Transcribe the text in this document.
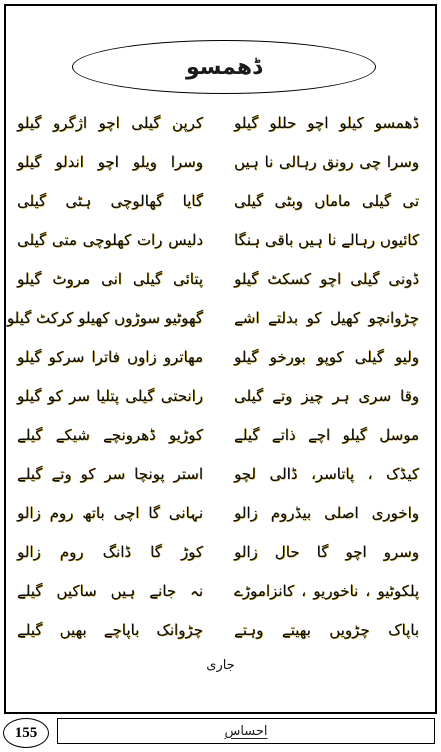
ڈھمسو
ڈھمسو کیلو اچو حللو گیلو
کرپن گیلی اچو اژگرو گیلو
وسرا چی رونق رہالی نا ہیں
وسرا ویلو اچو اندلو گیلو
تی گیلی ماماں وبٹی گیلی
گایا گھالوچی ہٹی گیلی
کائیوں رہالے نا ہیں باقی ہنگا
دلیس رات کھلوچی متی گیلی
ڈونی گیلی اچو کسکٹ گیلو
پتائی گیلی انی مروٹ گیلو
چڑوانچو کھیل کو بدلتے اشے
گھوٹیو سوڑوں کھیلو کرکٹ گیلو
ولیو گیلی کوپو بورخو گیلو
مھاترو زاوں فاترا سرکو گیلو
وقا سری ہر چیز وتے گیلی
رانحتی گیلی پتلیا سر کو گیلو
موسل گیلو اچے ذاتے گیلے
کوڑیو ڈھرونچے شیکے گیلے
کیڈک ، پاتاسر، ڈالی لچو
استر پونچا سر کو وتے گیلے
واخوری اصلی بیڈروم زالو
نہانی گا اچی باتھ روم زالو
وسرو اچو گا حال زالو
کوڑ گا ڈانگ روم زالو
پلکوٹیو ، ناخوریو ، کانزاموڑے
نہ جانے ہیں ساکیں گیلے
باپاک چڑویں بھیتے وہتے
چڑوانک باپاچے بھیں گیلے
جاری
155	احساس
